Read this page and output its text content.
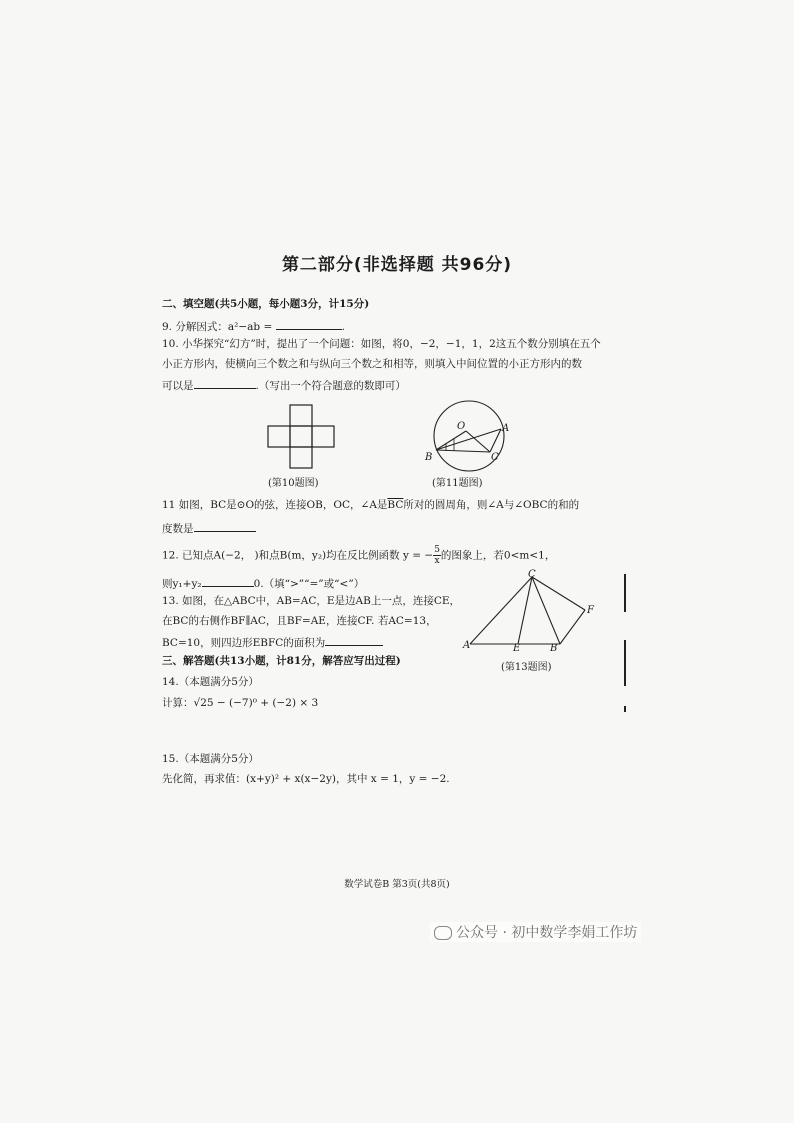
第二部分(非选择题 共96分)
二、填空题(共5小题，每小题3分，计15分)
9. 分解因式：a²−ab =	.
10. 小华探究“幻方”时，提出了一个问题：如图，将0，−2，−1，1，2这五个数分别填在五个
小正方形内，使横向三个数之和与纵向三个数之和相等，则填入中间位置的小正方形内的数
可以是	.（写出一个符合题意的数即可）
(第10题图)
O	A
B	C
(第11题图)
11 如图，BC是⊙O的弦，连接OB，OC，∠A是$\overline{BC}$所对的圆周角，则∠A与∠OBC的和的
度数是
12. 已知点A(−2， )和点B(m，y₂)均在反比例函数 y = − $\frac{5}{x}$ 的图象上，若0<m<1，
则y₁+y₂	0.（填“>”“=”或“<”）
13. 如图，在△ABC中，AB=AC，E是边AB上一点，连接CE，
在BC的右侧作BF∥AC，且BF=AE，连接CF. 若AC=13，
BC=10，则四边形EBFC的面积为
C
F
A	E	B
(第13题图)
三、解答题(共13小题，计81分，解答应写出过程)
14.（本题满分5分）
计算：√25 − (−7)⁰ + (−2) × 3
15.（本题满分5分）
先化简，再求值：(x+y)² + x(x−2y)，其中 x = 1，y = −2.
数学试卷B 第3页(共8页)
公众号 · 初中数学李娟工作坊
